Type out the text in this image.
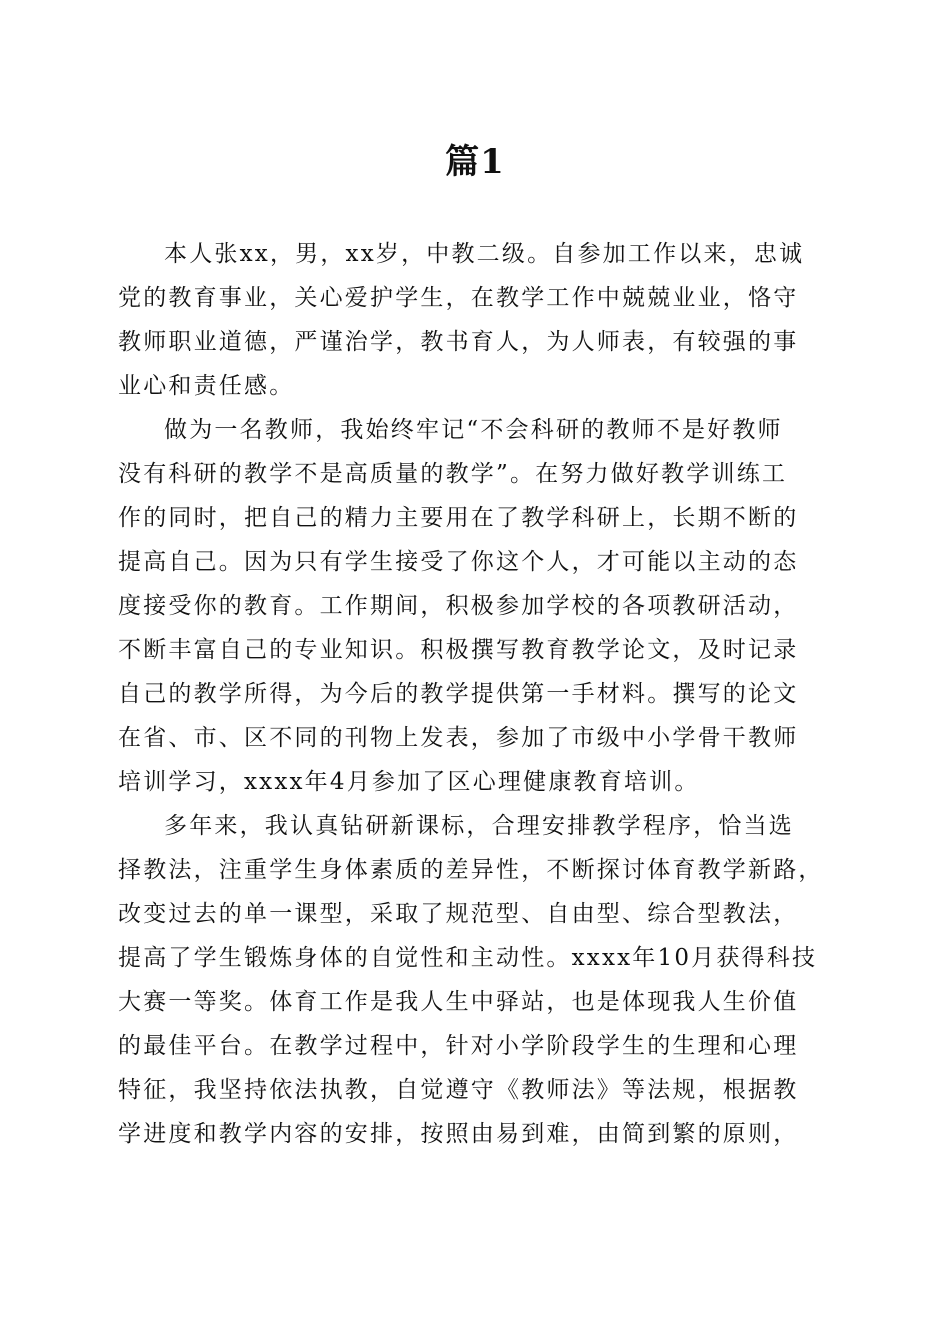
篇1

本人张xx，男，xx岁，中教二级。自参加工作以来，忠诚
党的教育事业，关心爱护学生，在教学工作中兢兢业业，恪守
教师职业道德，严谨治学，教书育人，为人师表，有较强的事
业心和责任感。

做为一名教师，我始终牢记“不会科研的教师不是好教师
没有科研的教学不是高质量的教学”。在努力做好教学训练工
作的同时，把自己的精力主要用在了教学科研上，长期不断的
提高自己。因为只有学生接受了你这个人，才可能以主动的态
度接受你的教育。工作期间，积极参加学校的各项教研活动，
不断丰富自己的专业知识。积极撰写教育教学论文，及时记录
自己的教学所得，为今后的教学提供第一手材料。撰写的论文
在省、市、区不同的刊物上发表，参加了市级中小学骨干教师
培训学习，xxxx年4月参加了区心理健康教育培训。

多年来，我认真钻研新课标，合理安排教学程序，恰当选
择教法，注重学生身体素质的差异性，不断探讨体育教学新路，
改变过去的单一课型，采取了规范型、自由型、综合型教法，
提高了学生锻炼身体的自觉性和主动性。xxxx年10月获得科技
大赛一等奖。体育工作是我人生中驿站，也是体现我人生价值
的最佳平台。在教学过程中，针对小学阶段学生的生理和心理
特征，我坚持依法执教，自觉遵守《教师法》等法规，根据教
学进度和教学内容的安排，按照由易到难，由简到繁的原则，
